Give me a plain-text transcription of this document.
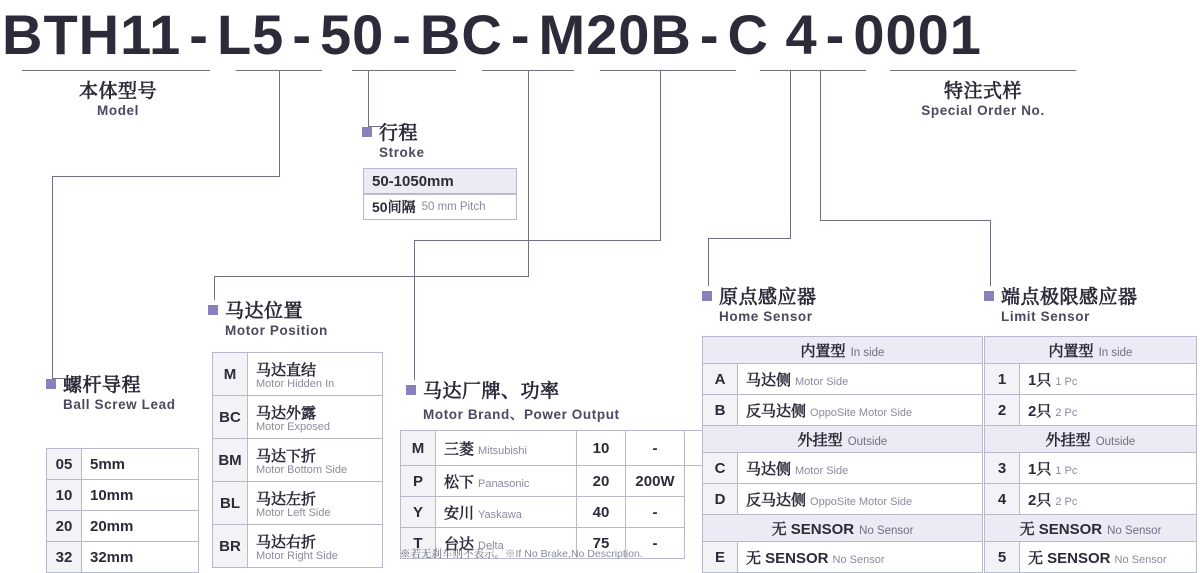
BTH11 - L5 - 50 - BC - M20B - C 4 - 0001
本体型号
Model
行程
Stroke
50-1050mm
50间隔 50 mm Pitch
螺杆导程
Ball Screw Lead
05	5mm
10	10mm
20	20mm
32	32mm
马达位置
Motor Position
M	马达直结
Motor Hidden In

BC	马达外露
Motor Exposed

BM	马达下折
Motor Bottom Side

BL	马达左折
Motor Left Side

BR	马达右折
Motor Right Side
马达厂牌、功率
Motor Brand、Power Output
M	三菱 Mitsubishi	10	-	
P	松下 Panasonic	20	200W	
Y	安川 Yaskawa	40	-	
T	台达 Delta	75	-	
※若无刹车则不表示。※If No Brake,No Description.
原点感应器
Home Sensor
内置型 In side	
A	马达侧 Motor Side
B	反马达侧 OppoSite Motor Side
外挂型 Outside	
C	马达侧 Motor Side
D	反马达侧 OppoSite Motor Side
无 SENSOR No Sensor	
E	无 SENSOR No Sensor
端点极限感应器
Limit Sensor
内置型 In side	
1	1只 1 Pc
2	2只 2 Pc
外挂型 Outside	
3	1只 1 Pc
4	2只 2 Pc
无 SENSOR No Sensor	
5	无 SENSOR No Sensor
特注式样
Special Order No.
